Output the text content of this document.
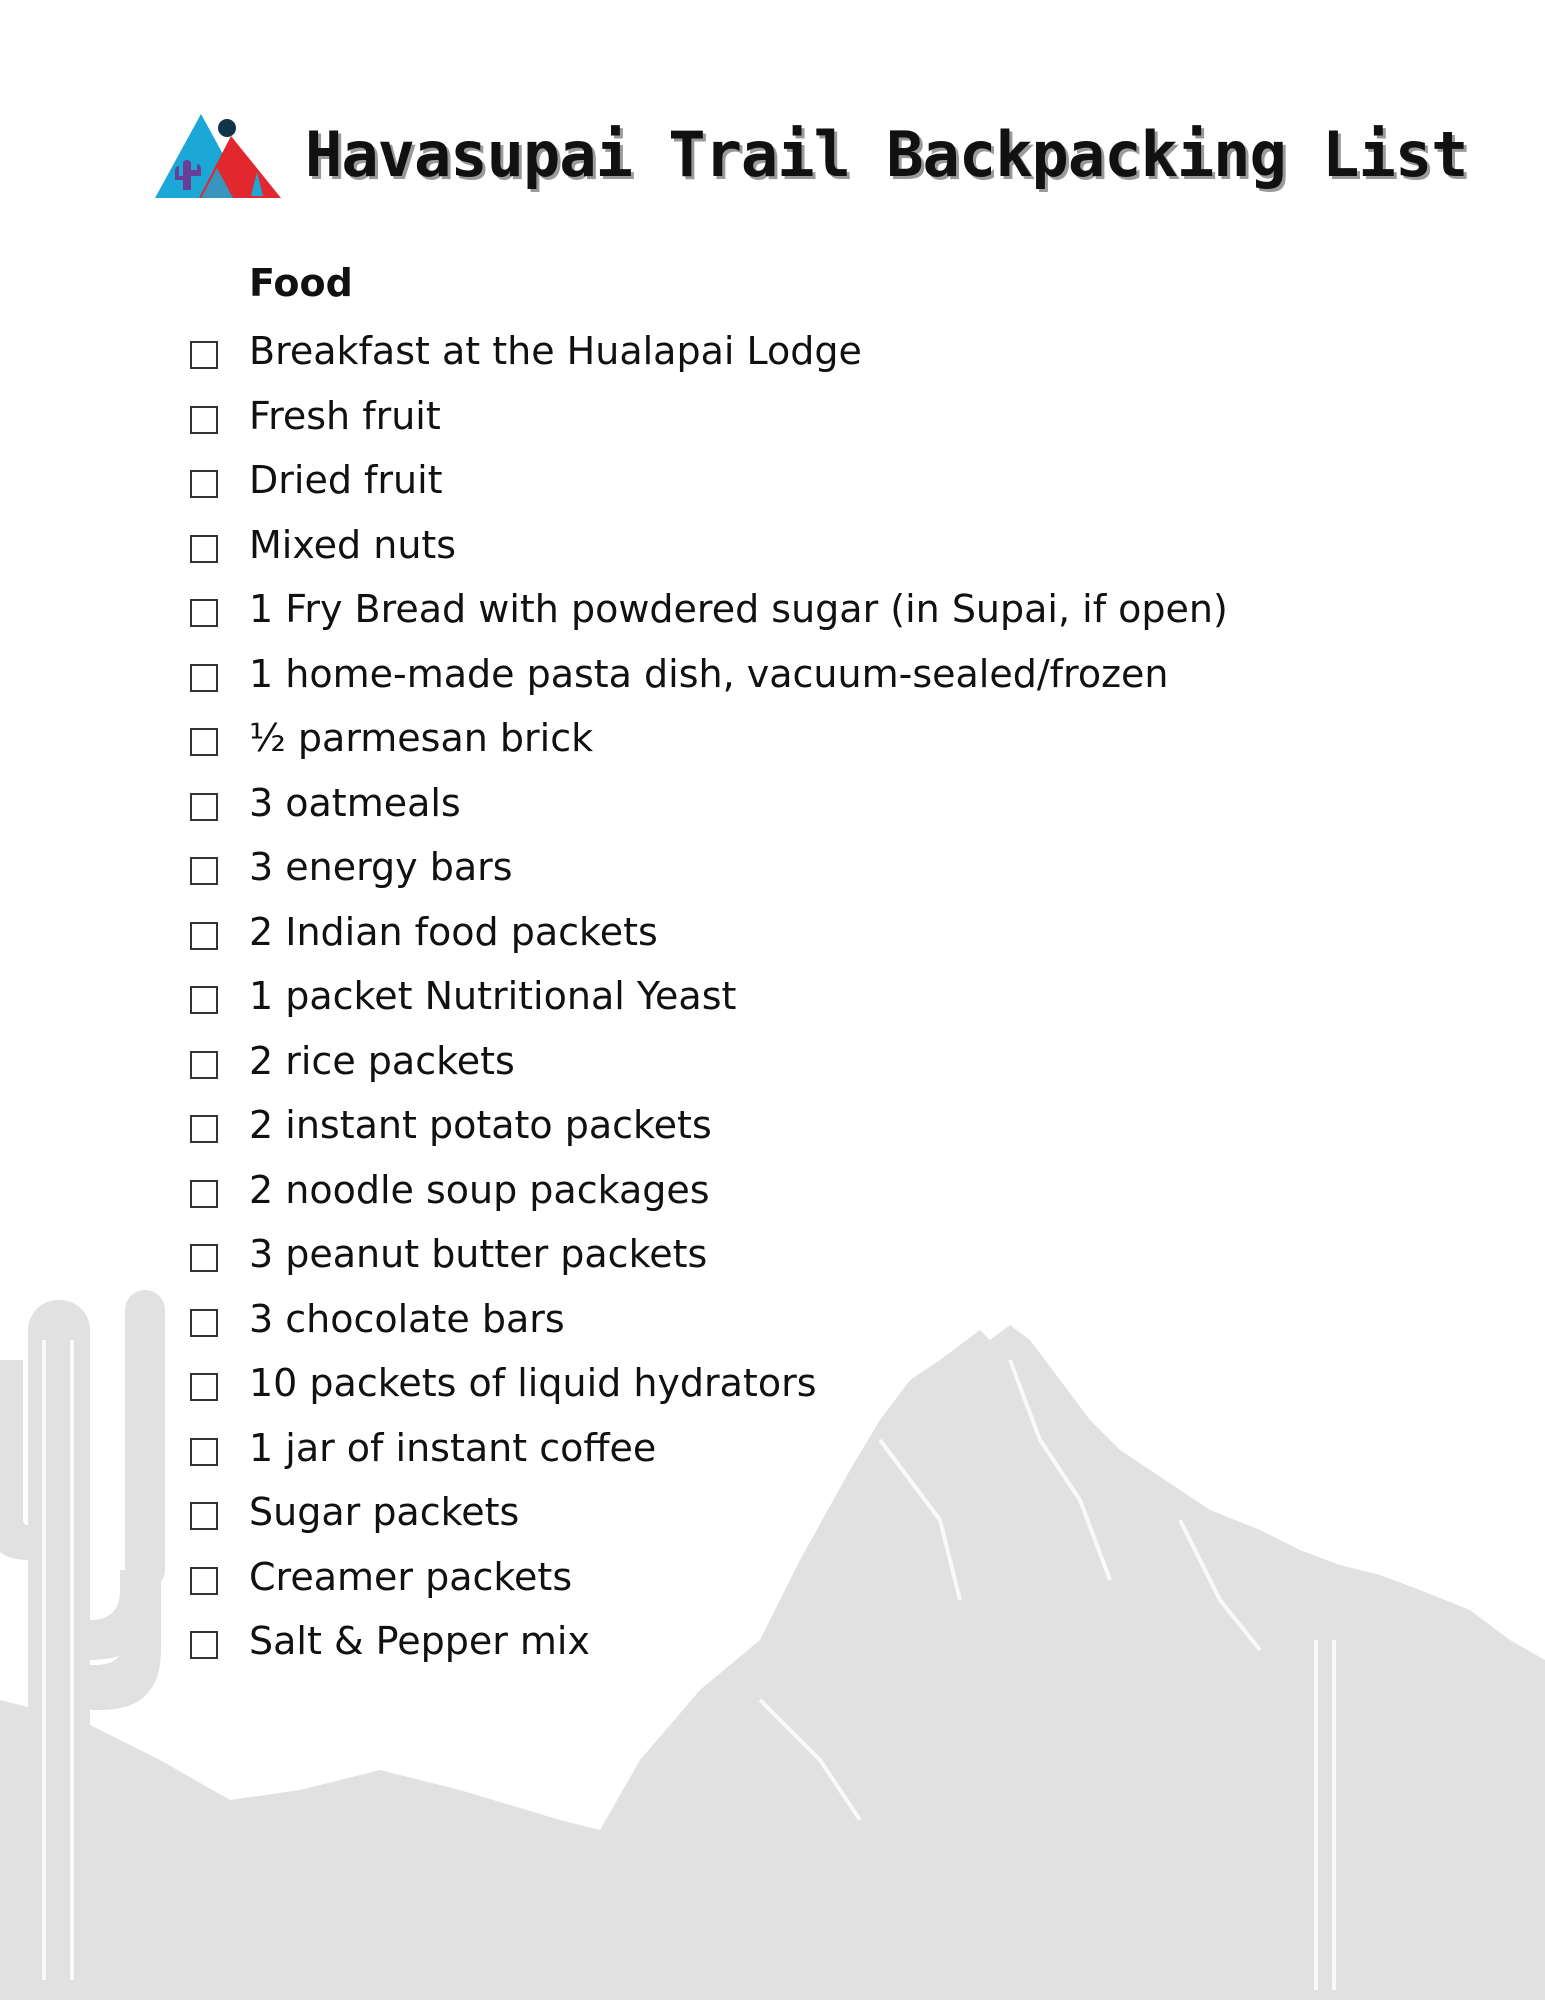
Havasupai Trail Backpacking List
Food
Breakfast at the Hualapai Lodge
Fresh fruit
Dried fruit
Mixed nuts
1 Fry Bread with powdered sugar (in Supai, if open)
1 home-made pasta dish, vacuum-sealed/frozen
½ parmesan brick
3 oatmeals
3 energy bars
2 Indian food packets
1 packet Nutritional Yeast
2 rice packets
2 instant potato packets
2 noodle soup packages
3 peanut butter packets
3 chocolate bars
10 packets of liquid hydrators
1 jar of instant coffee
Sugar packets
Creamer packets
Salt & Pepper mix
